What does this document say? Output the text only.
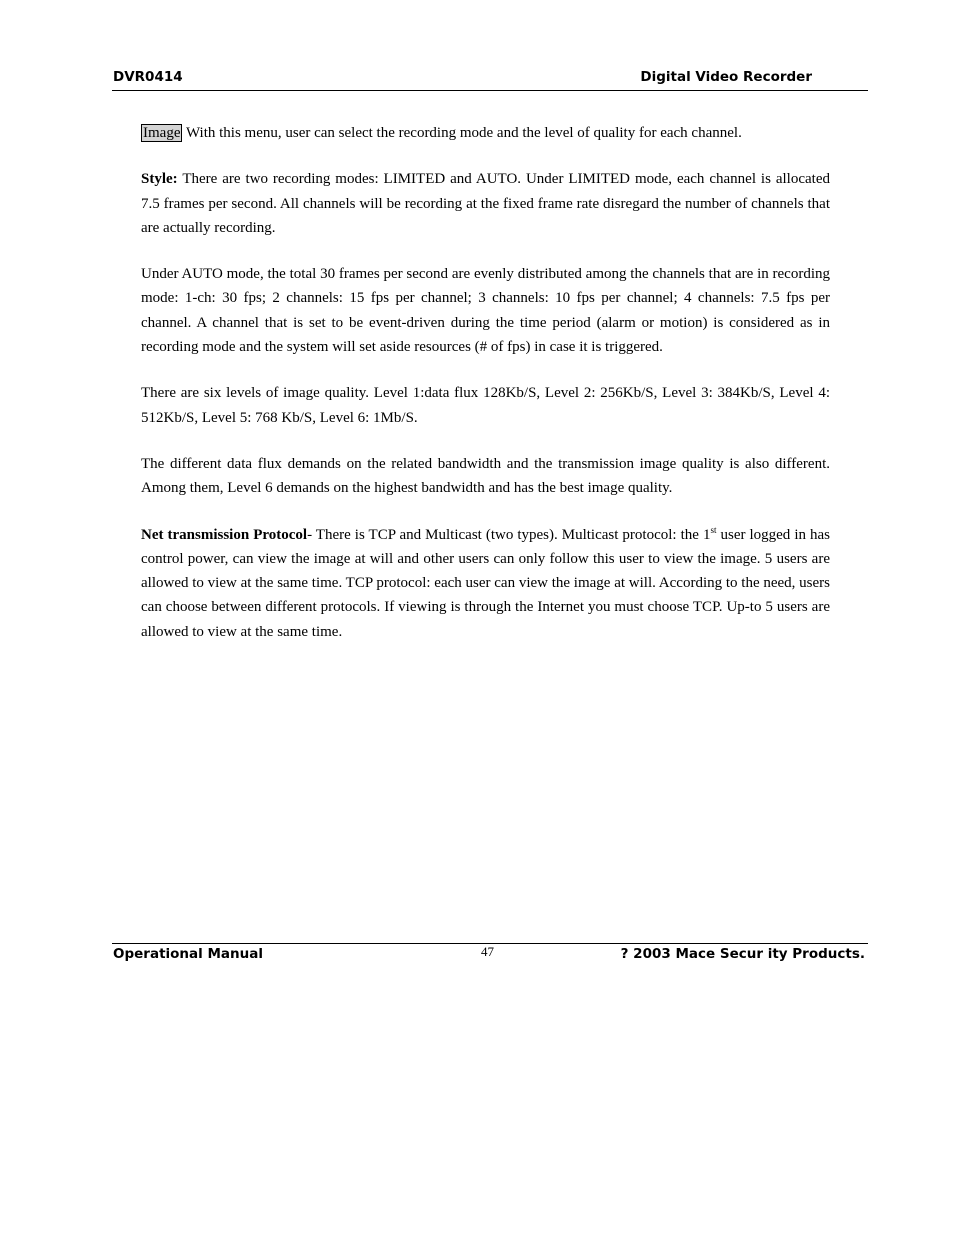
DVR0414	Digital Video Recorder

Image With this menu, user can select the recording mode and the level of quality for each channel.

Style: There are two recording modes: LIMITED and AUTO. Under LIMITED mode, each channel is allocated 7.5 frames per second. All channels will be recording at the fixed frame rate disregard the number of channels that are actually recording.

Under AUTO mode, the total 30 frames per second are evenly distributed among the channels that are in recording mode: 1-ch: 30 fps; 2 channels: 15 fps per channel; 3 channels: 10 fps per channel; 4 channels: 7.5 fps per channel. A channel that is set to be event-driven during the time period (alarm or motion) is considered as in recording mode and the system will set aside resources (# of fps) in case it is triggered.

There are six levels of image quality. Level 1:data flux 128Kb/S, Level 2: 256Kb/S, Level 3: 384Kb/S, Level 4: 512Kb/S, Level 5: 768 Kb/S, Level 6: 1Mb/S.

The different data flux demands on the related bandwidth and the transmission image quality is also different. Among them, Level 6 demands on the highest bandwidth and has the best image quality.

Net transmission Protocol- There is TCP and Multicast (two types). Multicast protocol: the 1st user logged in has control power, can view the image at will and other users can only follow this user to view the image. 5 users are allowed to view at the same time. TCP protocol: each user can view the image at will. According to the need, users can choose between different protocols. If viewing is through the Internet you must choose TCP. Up-to 5 users are allowed to view at the same time.

Operational Manual	47	? 2003 Mace Secur ity Products.
